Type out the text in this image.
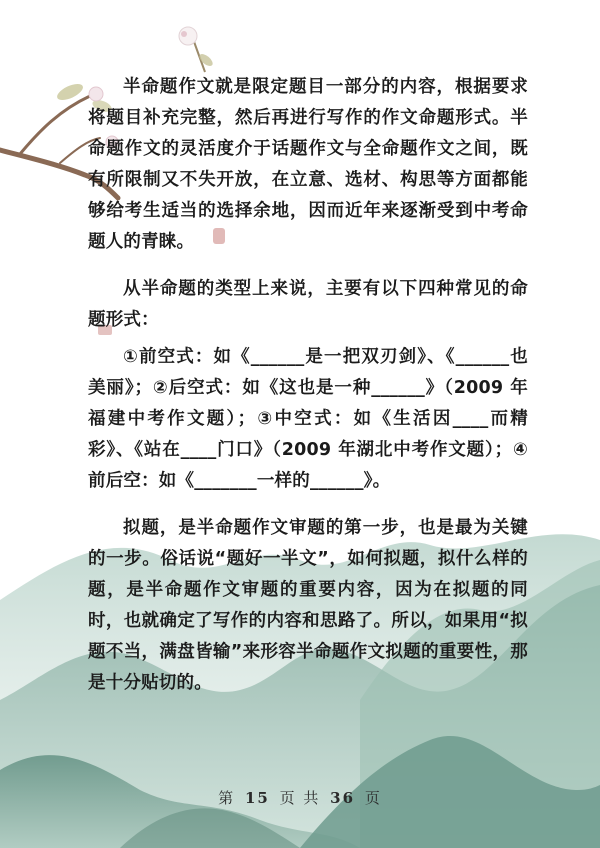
半命题作文就是限定题目一部分的内容，根据要求将题目补充完整，然后再进行写作的作文命题形式。半命题作文的灵活度介于话题作文与全命题作文之间，既有所限制又不失开放，在立意、选材、构思等方面都能够给考生适当的选择余地，因而近年来逐渐受到中考命题人的青睐。

从半命题的类型上来说，主要有以下四种常见的命题形式：

①前空式：如《______是一把双刃剑》、《______也美丽》；②后空式：如《这也是一种______》（2009 年福建中考作文题）；③中空式：如《生活因____而精彩》、《站在____门口》（2009 年湖北中考作文题）；④前后空：如《_______一样的______》。

拟题，是半命题作文审题的第一步，也是最为关键的一步。俗话说“题好一半文”，如何拟题，拟什么样的题，是半命题作文审题的重要内容，因为在拟题的同时，也就确定了写作的内容和思路了。所以，如果用“拟题不当，满盘皆输”来形容半命题作文拟题的重要性，那是十分贴切的。

第 15 页 共 36 页
